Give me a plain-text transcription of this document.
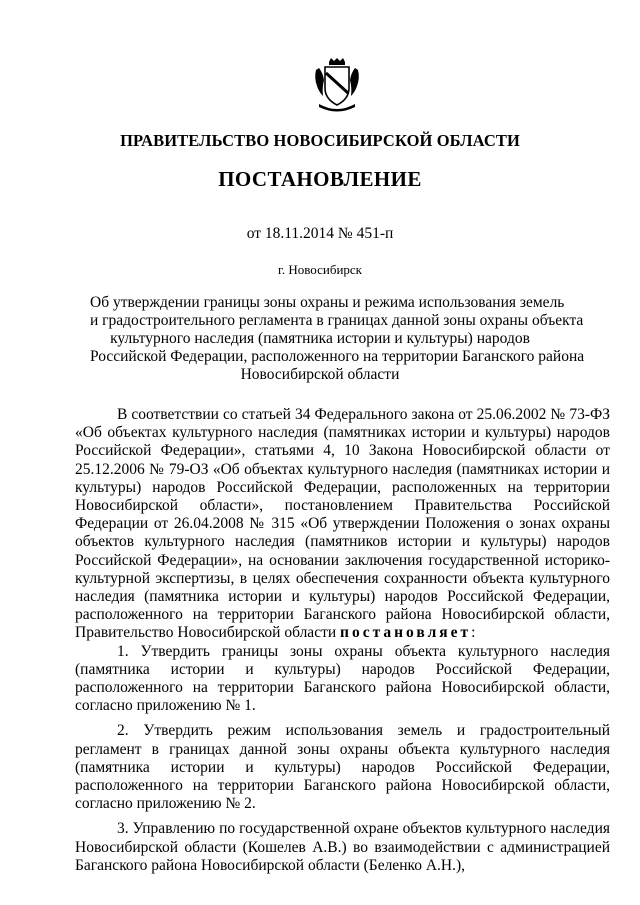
ПРАВИТЕЛЬСТВО НОВОСИБИРСКОЙ ОБЛАСТИ
ПОСТАНОВЛЕНИЕ
от 18.11.2014 № 451-п
г. Новосибирск
Об утверждении границы зоны охраны и режима использования земель
и градостроительного регламента в границах данной зоны охраны объекта
культурного наследия (памятника истории и культуры) народов
Российской Федерации, расположенного на территории Баганского района
Новосибирской области

В соответствии со статьей 34 Федерального закона от 25.06.2002 № 73-ФЗ «Об объектах культурного наследия (памятниках истории и культуры) народов Российской Федерации», статьями 4, 10 Закона Новосибирской области от 25.12.2006 № 79-ОЗ «Об объектах культурного наследия (памятниках истории и культуры) народов Российской Федерации, расположенных на территории Новосибирской области», постановлением Правительства Российской Федерации от 26.04.2008 № 315 «Об утверждении Положения о зонах охраны объектов культурного наследия (памятников истории и культуры) народов Российской Федерации», на основании заключения государственной историко-культурной экспертизы, в целях обеспечения сохранности объекта культурного наследия (памятника истории и культуры) народов Российской Федерации, расположенного на территории Баганского района Новосибирской области, Правительство Новосибирской области постановляет:

1. Утвердить границы зоны охраны объекта культурного наследия (памятника истории и культуры) народов Российской Федерации, расположенного на территории Баганского района Новосибирской области, согласно приложению № 1.

2. Утвердить режим использования земель и градостроительный регламент в границах данной зоны охраны объекта культурного наследия (памятника истории и культуры) народов Российской Федерации, расположенного на территории Баганского района Новосибирской области, согласно приложению № 2.

3. Управлению по государственной охране объектов культурного наследия Новосибирской области (Кошелев А.В.) во взаимодействии с администрацией Баганского района Новосибирской области (Беленко А.Н.),
